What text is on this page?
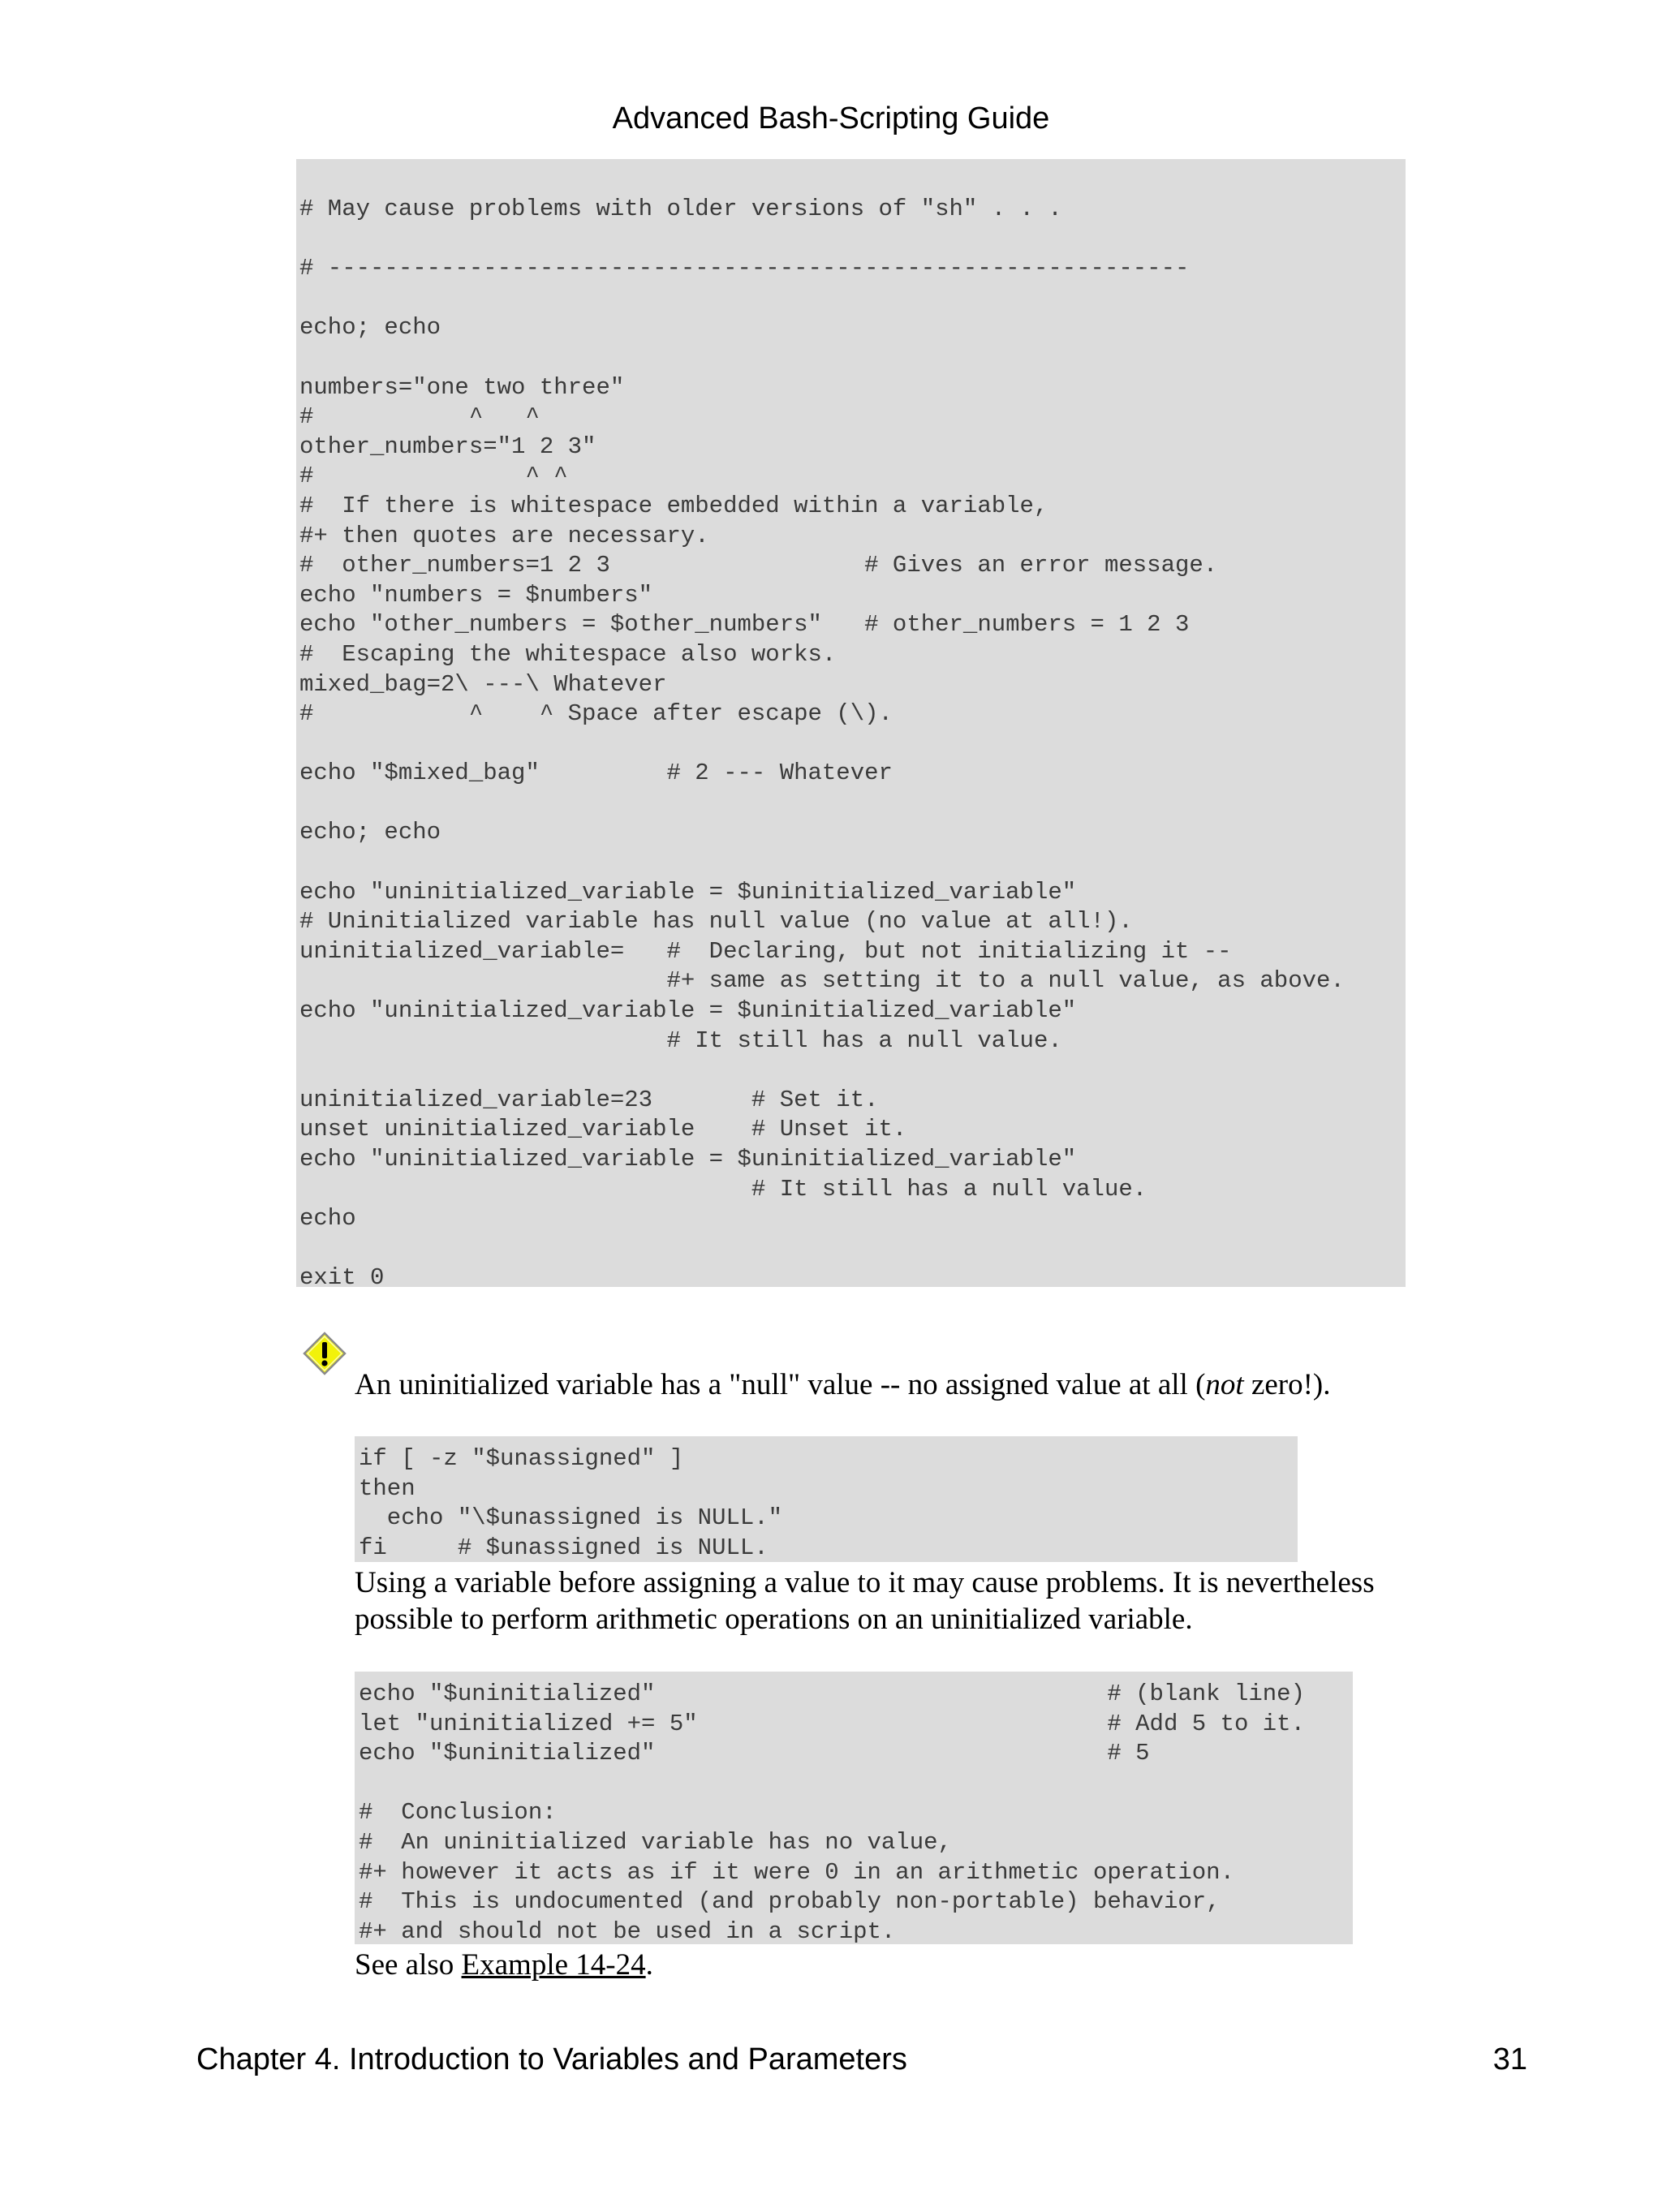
Advanced Bash-Scripting Guide
# May cause problems with older versions of "sh" . . .

# -------------------------------------------------------------

echo; echo

numbers="one two three"
#           ^   ^
other_numbers="1 2 3"
#               ^ ^
#  If there is whitespace embedded within a variable,
#+ then quotes are necessary.
#  other_numbers=1 2 3                  # Gives an error message.
echo "numbers = $numbers"
echo "other_numbers = $other_numbers"   # other_numbers = 1 2 3
#  Escaping the whitespace also works.
mixed_bag=2\ ---\ Whatever
#           ^    ^ Space after escape (\).

echo "$mixed_bag"         # 2 --- Whatever

echo; echo

echo "uninitialized_variable = $uninitialized_variable"
# Uninitialized variable has null value (no value at all!).
uninitialized_variable=   #  Declaring, but not initializing it --
#+ same as setting it to a null value, as above.
echo "uninitialized_variable = $uninitialized_variable"
# It still has a null value.

uninitialized_variable=23       # Set it.
unset uninitialized_variable    # Unset it.
echo "uninitialized_variable = $uninitialized_variable"
# It still has a null value.
echo

exit 0
An uninitialized variable has a "null" value -- no assigned value at all (not zero!).
if [ -z "$unassigned" ]
then
echo "\$unassigned is NULL."
fi     # $unassigned is NULL.
Using a variable before assigning a value to it may cause problems. It is nevertheless possible to perform arithmetic operations on an uninitialized variable.
echo "$uninitialized"                                # (blank line)
let "uninitialized += 5"                             # Add 5 to it.
echo "$uninitialized"                                # 5

#  Conclusion:
#  An uninitialized variable has no value,
#+ however it acts as if it were 0 in an arithmetic operation.
#  This is undocumented (and probably non-portable) behavior,
#+ and should not be used in a script.
See also Example 14-24.
Chapter 4. Introduction to Variables and Parameters	31
